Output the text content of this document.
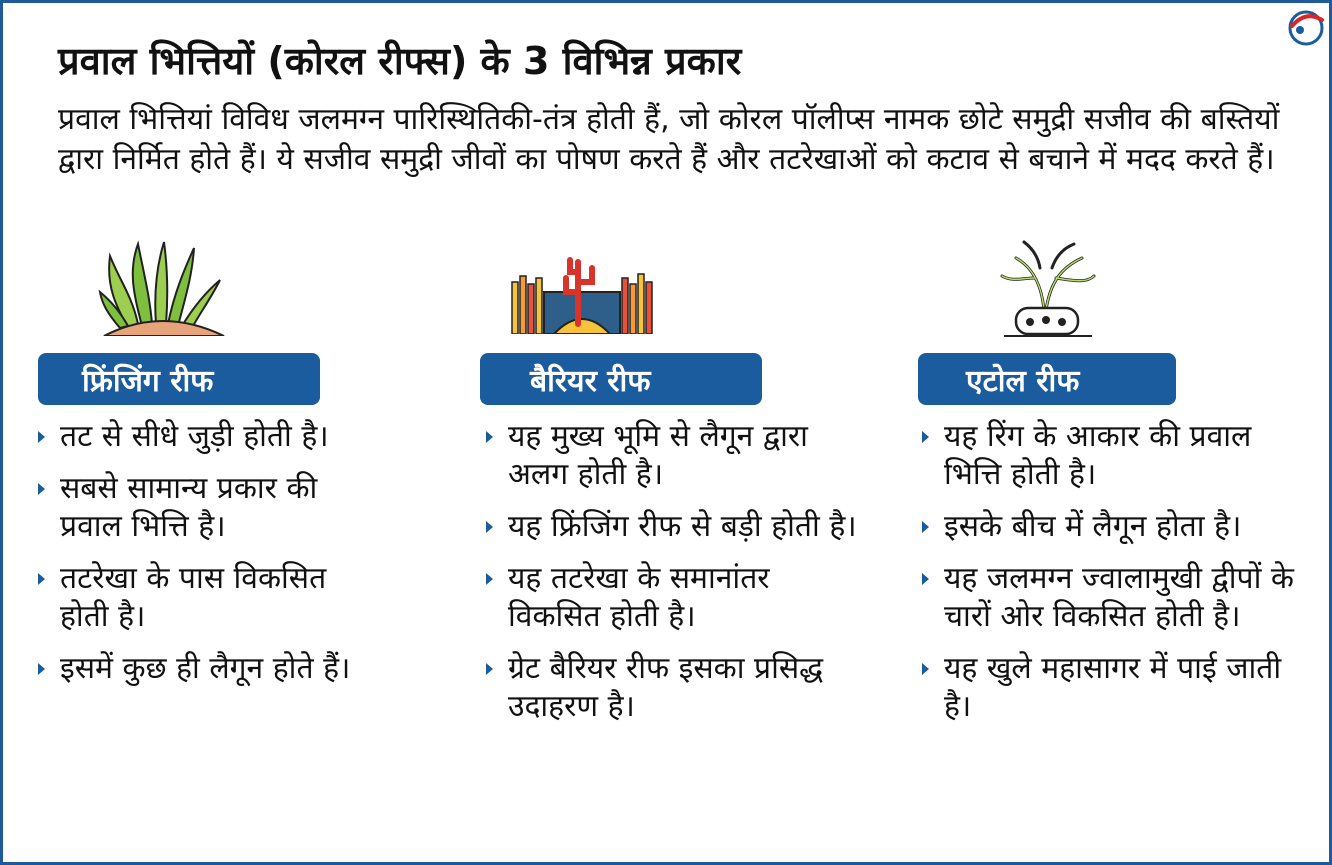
प्रवाल भित्तियों (कोरल रीफ्स) के 3 विभिन्न प्रकार

प्रवाल भित्तियां विविध जलमग्न पारिस्थितिकी-तंत्र होती हैं, जो कोरल पॉलीप्स नामक छोटे समुद्री सजीव की बस्तियों द्वारा निर्मित होते हैं। ये सजीव समुद्री जीवों का पोषण करते हैं और तटरेखाओं को कटाव से बचाने में मदद करते हैं।

फ्रिंजिंग रीफ
तट से सीधे जुड़ी होती है।
सबसे सामान्य प्रकार की प्रवाल भित्ति है।
तटरेखा के पास विकसित होती है।
इसमें कुछ ही लैगून होते हैं।
बैरियर रीफ
यह मुख्य भूमि से लैगून द्वारा अलग होती है।
यह फ्रिंजिंग रीफ से बड़ी होती है।
यह तटरेखा के समानांतर विकसित होती है।
ग्रेट बैरियर रीफ इसका प्रसिद्ध उदाहरण है।
एटोल रीफ
यह रिंग के आकार की प्रवाल भित्ति होती है।
इसके बीच में लैगून होता है।
यह जलमग्न ज्वालामुखी द्वीपों के चारों ओर विकसित होती है।
यह खुले महासागर में पाई जाती है।
